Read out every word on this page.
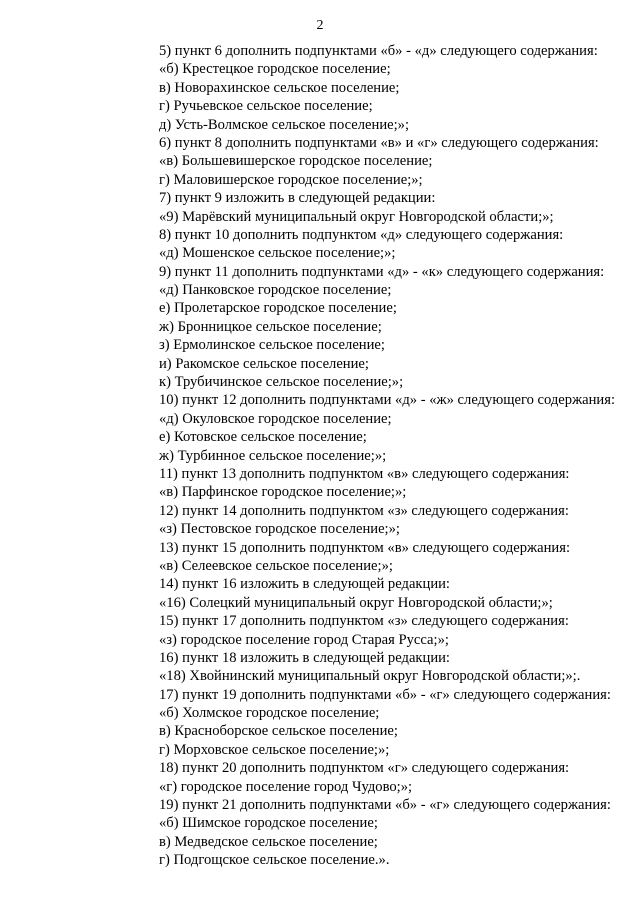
2
5) пункт 6 дополнить подпунктами «б» - «д» следующего содержания:
«б) Крестецкое городское поселение;
в) Новорахинское сельское поселение;
г) Ручьевское сельское поселение;
д) Усть-Волмское сельское поселение;»;
6) пункт 8 дополнить подпунктами «в» и «г» следующего содержания:
«в) Большевишерское городское поселение;
г) Маловишерское городское поселение;»;
7) пункт 9 изложить в следующей редакции:
«9) Марёвский муниципальный округ Новгородской области;»;
8) пункт 10 дополнить подпунктом «д» следующего содержания:
«д) Мошенское сельское поселение;»;
9) пункт 11 дополнить подпунктами «д» - «к» следующего содержания:
«д) Панковское городское поселение;
е) Пролетарское городское поселение;
ж) Бронницкое сельское поселение;
з) Ермолинское сельское поселение;
и) Ракомское сельское поселение;
к) Трубичинское сельское поселение;»;
10) пункт 12 дополнить подпунктами «д» - «ж» следующего содержания:
«д) Окуловское городское поселение;
е) Котовское сельское поселение;
ж) Турбинное сельское поселение;»;
11) пункт 13 дополнить подпунктом «в» следующего содержания:
«в) Парфинское городское поселение;»;
12) пункт 14 дополнить подпунктом «з» следующего содержания:
«з) Пестовское городское поселение;»;
13) пункт 15 дополнить подпунктом «в» следующего содержания:
«в) Селеевское сельское поселение;»;
14) пункт 16 изложить в следующей редакции:
«16) Солецкий муниципальный округ Новгородской области;»;
15) пункт 17 дополнить подпунктом «з» следующего содержания:
«з) городское поселение город Старая Русса;»;
16) пункт 18 изложить в следующей редакции:
«18) Хвойнинский муниципальный округ Новгородской области;»;.
17) пункт 19 дополнить подпунктами «б» - «г» следующего содержания:
«б) Холмское городское поселение;
в) Красноборское сельское поселение;
г) Морховское сельское поселение;»;
18) пункт 20 дополнить подпунктом «г» следующего содержания:
«г) городское поселение город Чудово;»;
19) пункт 21 дополнить подпунктами «б» - «г» следующего содержания:
«б) Шимское городское поселение;
в) Медведское сельское поселение;
г) Подгощское сельское поселение.».
